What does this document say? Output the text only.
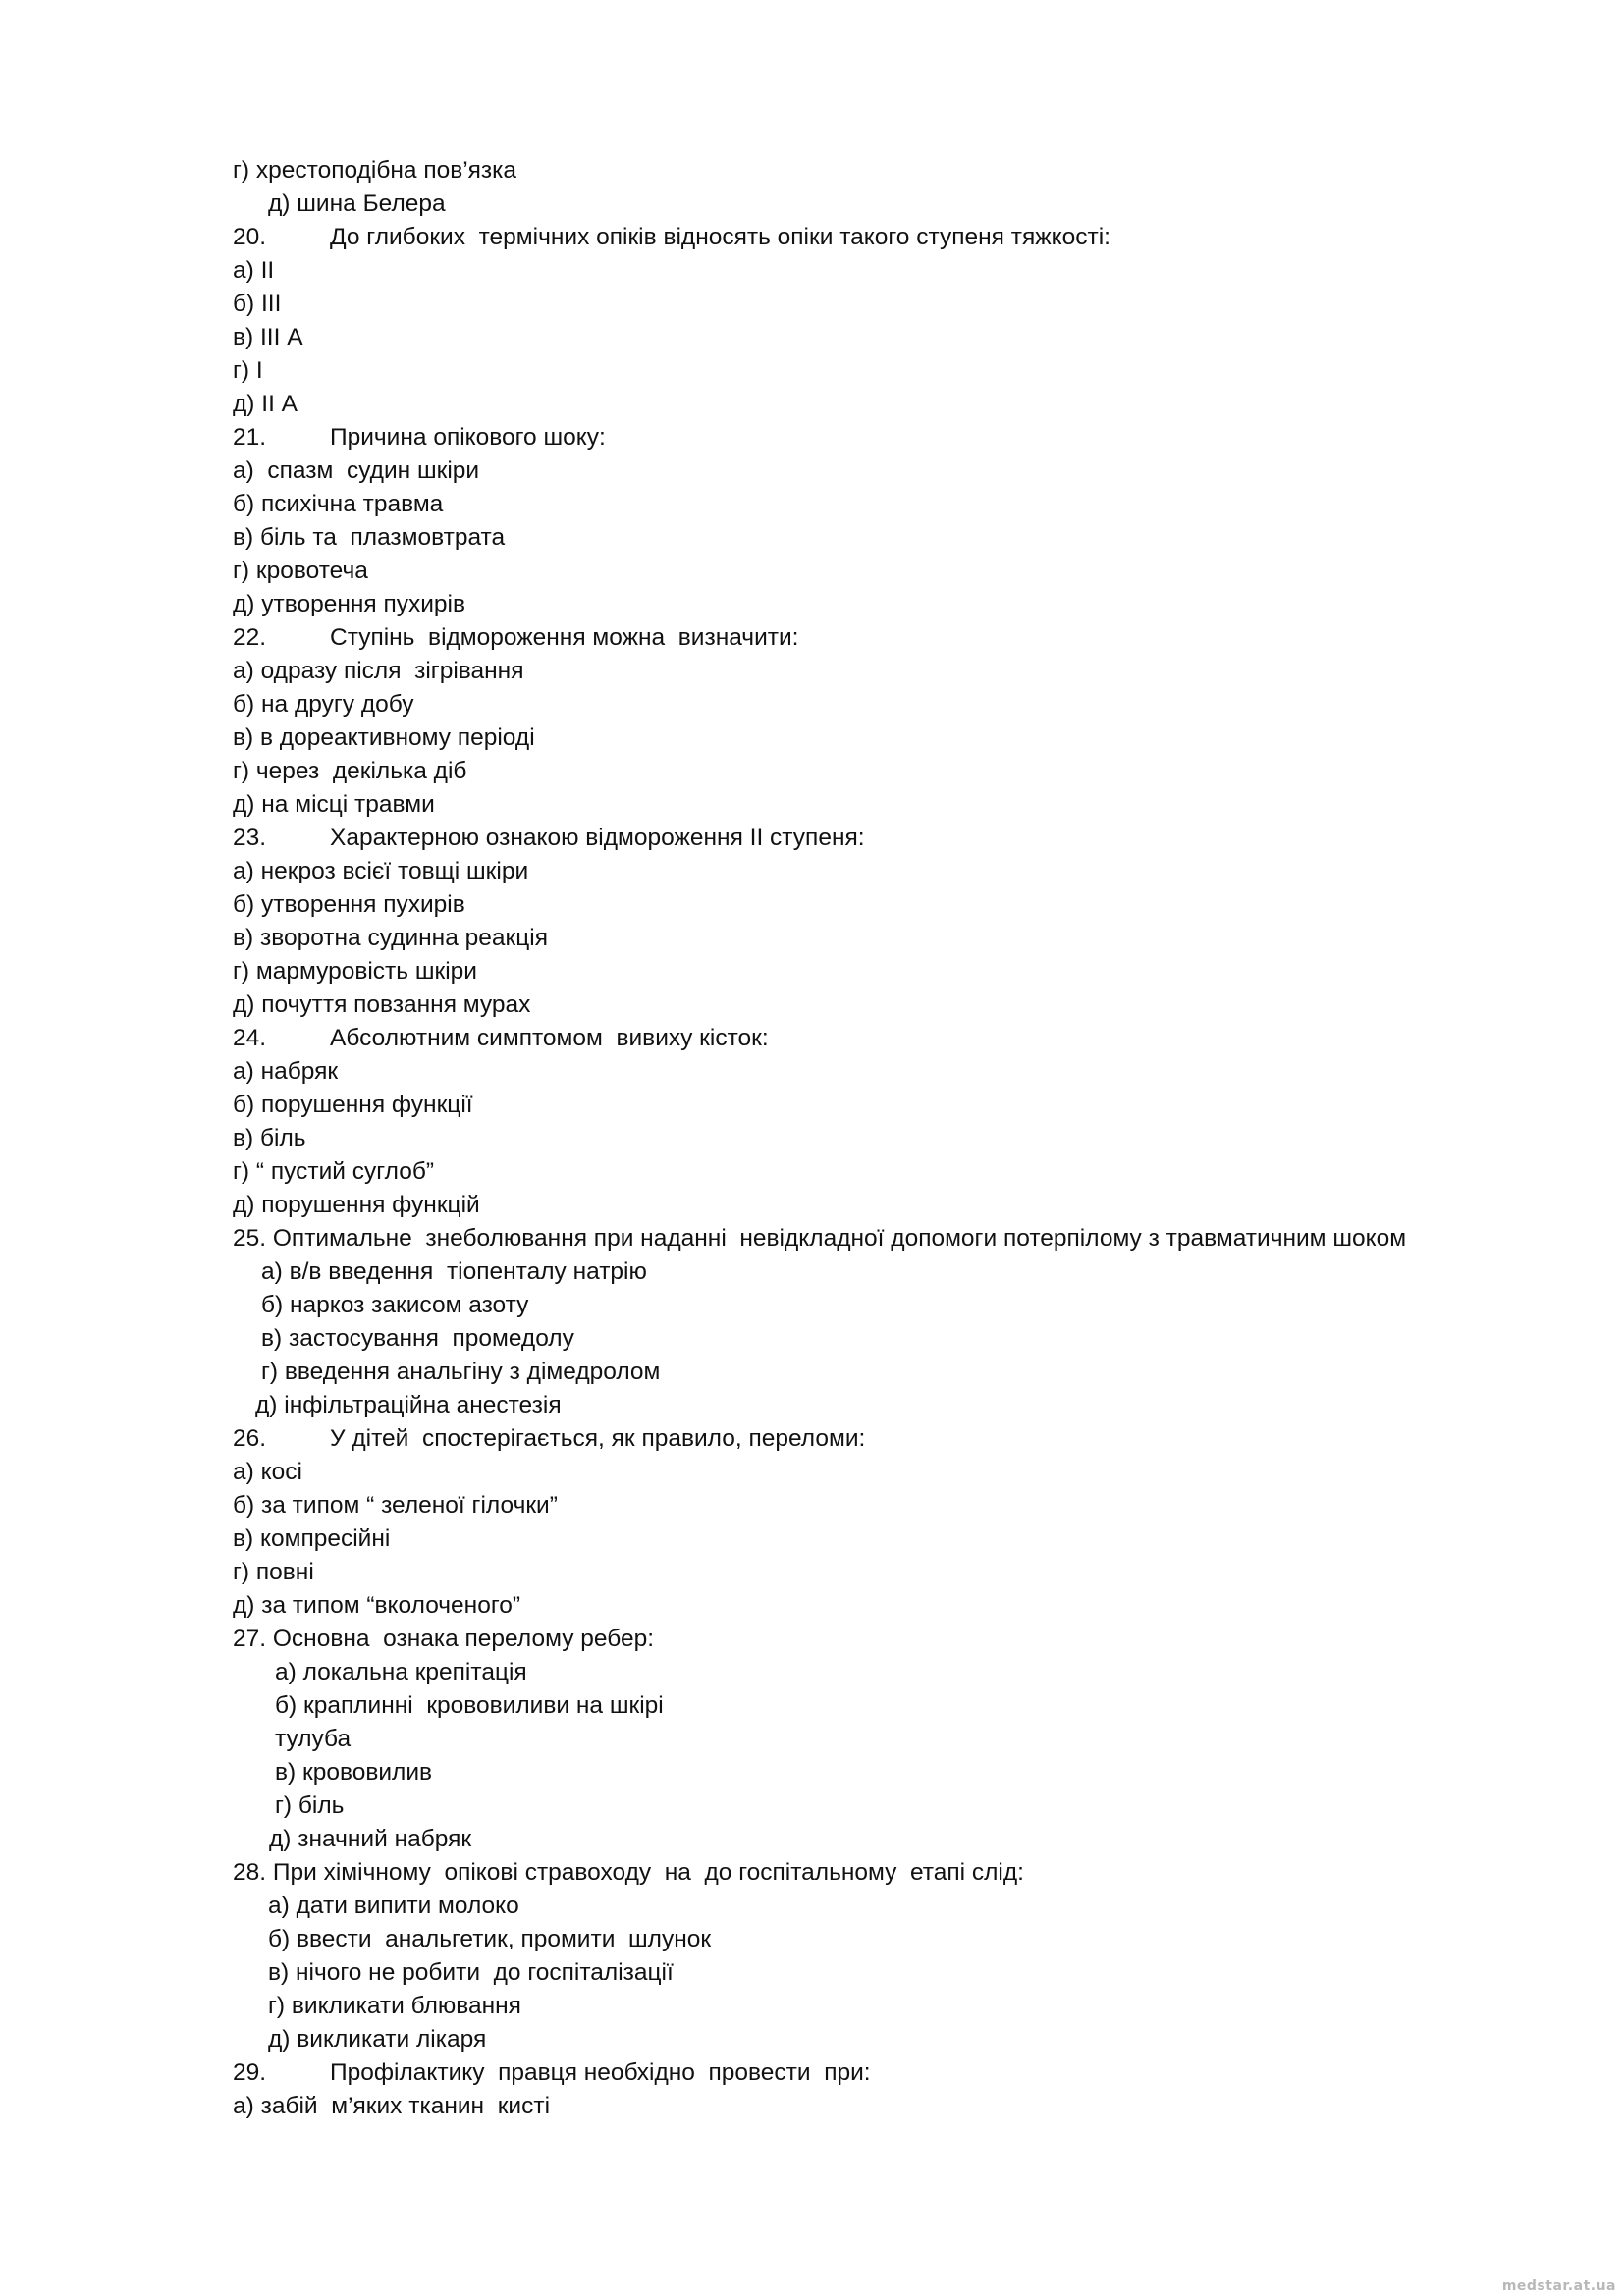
г) хрестоподібна пов’язка
д) шина Белера
20.	До глибоких  термічних опіків відносять опіки такого ступеня тяжкості:
а) ІІ
б) ІІІ
в) ІІІ А
г) І
д) ІІ А
21.	Причина опікового шоку:
а)  спазм  судин шкіри
б) психічна травма
в) біль та  плазмовтрата
г) кровотеча
д) утворення пухирів
22.	Ступінь  відмороження можна  визначити:
а) одразу після  зігрівання
б) на другу добу
в) в дореактивному періоді
г) через  декілька діб
д) на місці травми
23.	Характерною ознакою відмороження ІІ ступеня:
а) некроз всієї товщі шкіри
б) утворення пухирів
в) зворотна судинна реакція
г) мармуровість шкіри
д) почуття повзання мурах
24.	Абсолютним симптомом  вивиху кісток:
а) набряк
б) порушення функції
в) біль
г) “ пустий суглоб”
д) порушення функцій
25. Оптимальне  знеболювання при наданні  невідкладної допомоги потерпілому з травматичним шоком
а) в/в введення  тіопенталу натрію
б) наркоз закисом азоту
в) застосування  промедолу
г) введення анальгіну з дімедролом
д) інфільтраційна анестезія
26.	У дітей  спостерігається, як правило, переломи:
а) косі
б) за типом “ зеленої гілочки”
в) компресійні
г) повні
д) за типом “вколоченого”
27. Основна  ознака перелому ребер:
а) локальна крепітація
б) краплинні  крововиливи на шкірі
тулуба
в) крововилив
г) біль
д) значний набряк
28. При хімічному  опікові стравоходу  на  до госпітальному  етапі слід:
а) дати випити молоко
б) ввести  анальгетик, промити  шлунок
в) нічого не робити  до госпіталізації
г) викликати блювання
д) викликати лікаря
29.	Профілактику  правця необхідно  провести  при:
а) забій  м’яких тканин  кисті
medstar.at.ua
